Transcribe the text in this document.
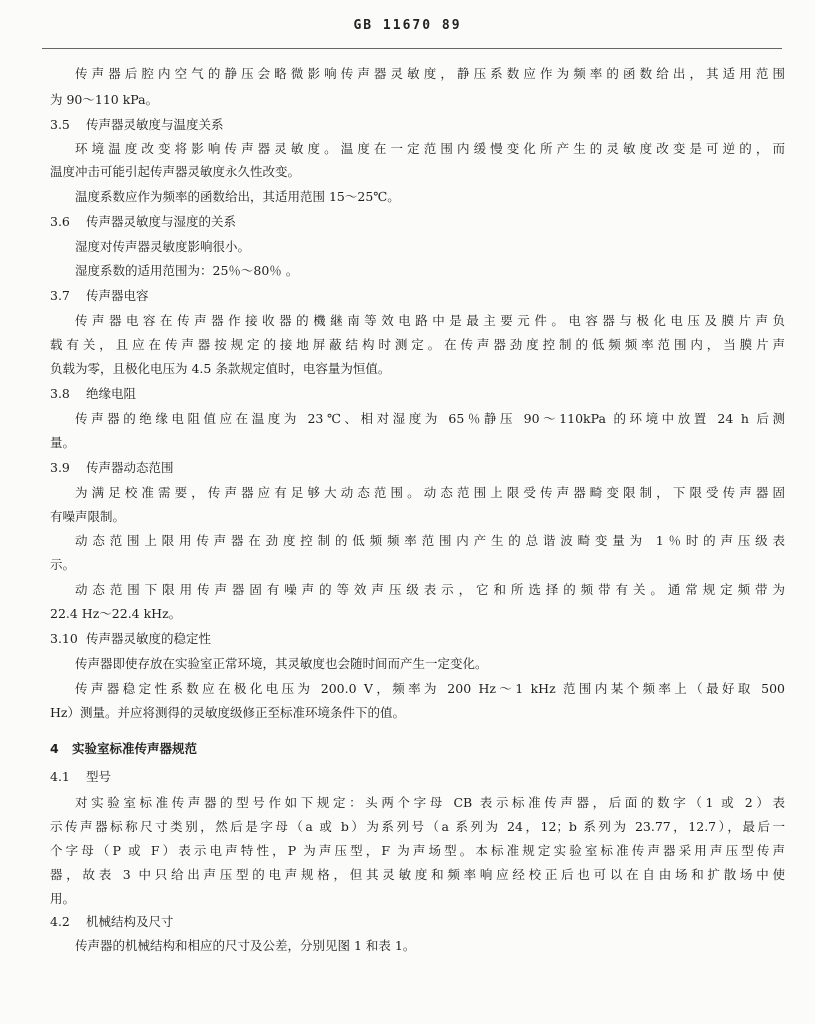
GB 11670 89
传声器后腔内空气的静压会略微影响传声器灵敏度，静压系数应作为频率的函数给出，其适用范围
为 90～110 kPa。
3.5 传声器灵敏度与温度关系
环境温度改变将影响传声器灵敏度。温度在一定范围内缓慢变化所产生的灵敏度改变是可逆的，而
温度冲击可能引起传声器灵敏度永久性改变。
温度系数应作为频率的函数给出，其适用范围 15～25℃。
3.6 传声器灵敏度与湿度的关系
湿度对传声器灵敏度影响很小。
湿度系数的适用范围为：25％～80％ 。
3.7 传声器电容
传声器电容在传声器作接收器的機継南等效电路中是最主要元件。电容器与极化电压及膜片声负
载有关，且应在传声器按规定的接地屏蔽结构时测定。在传声器劲度控制的低频频率范围内，当膜片声
负载为零，且极化电压为 4.5 条款规定值时，电容量为恒值。
3.8 绝缘电阻
传声器的绝缘电阻值应在温度为 23℃、相对湿度为 65％静压 90～110kPa 的环境中放置 24 h 后测
量。
3.9 传声器动态范围
为满足校准需要，传声器应有足够大动态范围。动态范围上限受传声器畸变限制，下限受传声器固
有噪声限制。
动态范围上限用传声器在劲度控制的低频频率范围内产生的总谐波畸变量为 1％时的声压级表
示。
动态范围下限用传声器固有噪声的等效声压级表示，它和所选择的频带有关。通常规定频带为
22.4 Hz～22.4 kHz。
3.10 传声器灵敏度的稳定性
传声器即使存放在实验室正常环境，其灵敏度也会随时间而产生一定变化。
传声器稳定性系数应在极化电压为 200.0 V，频率为 200 Hz～1 kHz 范围内某个频率上（最好取 500
Hz）测量。并应将测得的灵敏度级修正至标准环境条件下的值。
4 实验室标准传声器规范
4.1 型号
对实验室标准传声器的型号作如下规定：头两个字母 CB 表示标准传声器，后面的数字（1 或 2）表
示传声器标称尺寸类别，然后是字母（a 或 b）为系列号（a 系列为 24，12；b 系列为 23.77，12.7），最后一
个字母（P 或 F）表示电声特性，P 为声压型，F 为声场型。本标准规定实验室标准传声器采用声压型传声
器，故表 3 中只给出声压型的电声规格，但其灵敏度和频率响应经校正后也可以在自由场和扩散场中使
用。
4.2 机械结构及尺寸
传声器的机械结构和相应的尺寸及公差，分别见图 1 和表 1。
